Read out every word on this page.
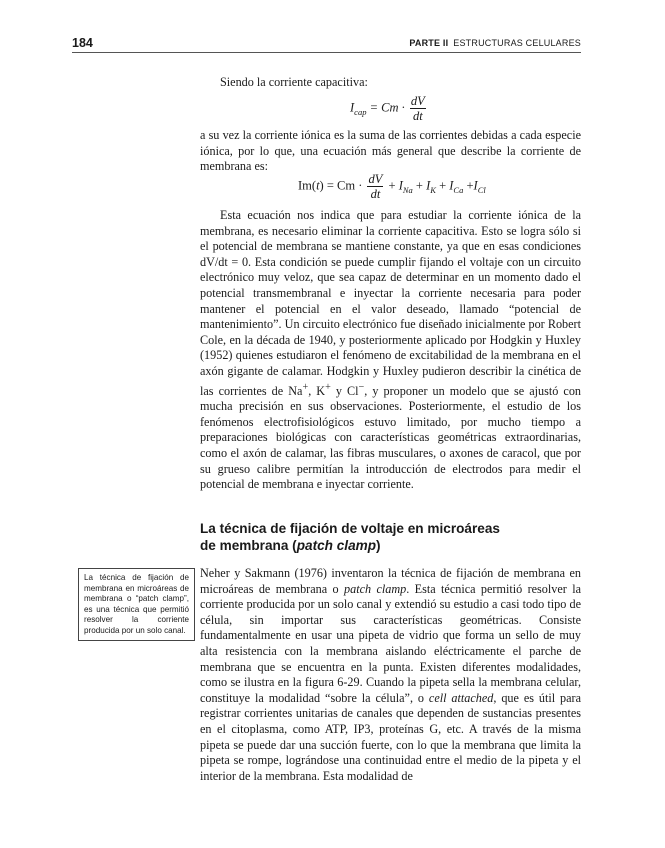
184	PARTE II ESTRUCTURAS CELULARES

Siendo la corriente capacitiva:

$I_{cap} = Cm \cdot \frac{dV}{dt}$

a su vez la corriente iónica es la suma de las corrientes debidas a cada especie iónica, por lo que, una ecuación más general que describe la corriente de membrana es:

$Im(t) = Cm \cdot \frac{dV}{dt} + I_{Na} + I_K + I_{Ca} +I_{Cl}$

Esta ecuación nos indica que para estudiar la corriente iónica de la membrana, es necesario eliminar la corriente capacitiva. Esto se logra sólo si el potencial de membrana se mantiene constante, ya que en esas condiciones dV/dt = 0. Esta condición se puede cumplir fijando el voltaje con un circuito electrónico muy veloz, que sea capaz de determinar en un momento dado el potencial transmembranal e inyectar la corriente necesaria para poder mantener el potencial en el valor deseado, llamado “potencial de mantenimiento”. Un circuito electrónico fue diseñado inicialmente por Robert Cole, en la década de 1940, y posteriormente aplicado por Hodgkin y Huxley (1952) quienes estudiaron el fenómeno de excitabilidad de la membrana en el axón gigante de calamar. Hodgkin y Huxley pudieron describir la cinética de las corrientes de Na+, K+ y Cl−, y proponer un modelo que se ajustó con mucha precisión en sus observaciones. Posteriormente, el estudio de los fenómenos electrofisiológicos estuvo limitado, por mucho tiempo a preparaciones biológicas con características geométricas extraordinarias, como el axón de calamar, las fibras musculares, o axones de caracol, que por su grueso calibre permitían la introducción de electrodos para medir el potencial de membrana e inyectar corriente.

La técnica de fijación de voltaje en microáreas
de membrana (patch clamp)
La técnica de fijación de membrana en microáreas de membrana o “patch clamp”, es una técnica que permitió resolver la corriente producida por un solo canal.

Neher y Sakmann (1976) inventaron la técnica de fijación de membrana en microáreas de membrana o patch clamp. Esta técnica permitió resolver la corriente producida por un solo canal y extendió su estudio a casi todo tipo de célula, sin importar sus características geométricas. Consiste fundamentalmente en usar una pipeta de vidrio que forma un sello de muy alta resistencia con la membrana aislando eléctricamente el parche de membrana que se encuentra en la punta. Existen diferentes modalidades, como se ilustra en la figura 6-29. Cuando la pipeta sella la membrana celular, constituye la modalidad “sobre la célula”, o cell attached, que es útil para registrar corrientes unitarias de canales que dependen de sustancias presentes en el citoplasma, como ATP, IP3, proteínas G, etc. A través de la misma pipeta se puede dar una succión fuerte, con lo que la membrana que limita la pipeta se rompe, lográndose una continuidad entre el medio de la pipeta y el interior de la membrana. Esta modalidad de
